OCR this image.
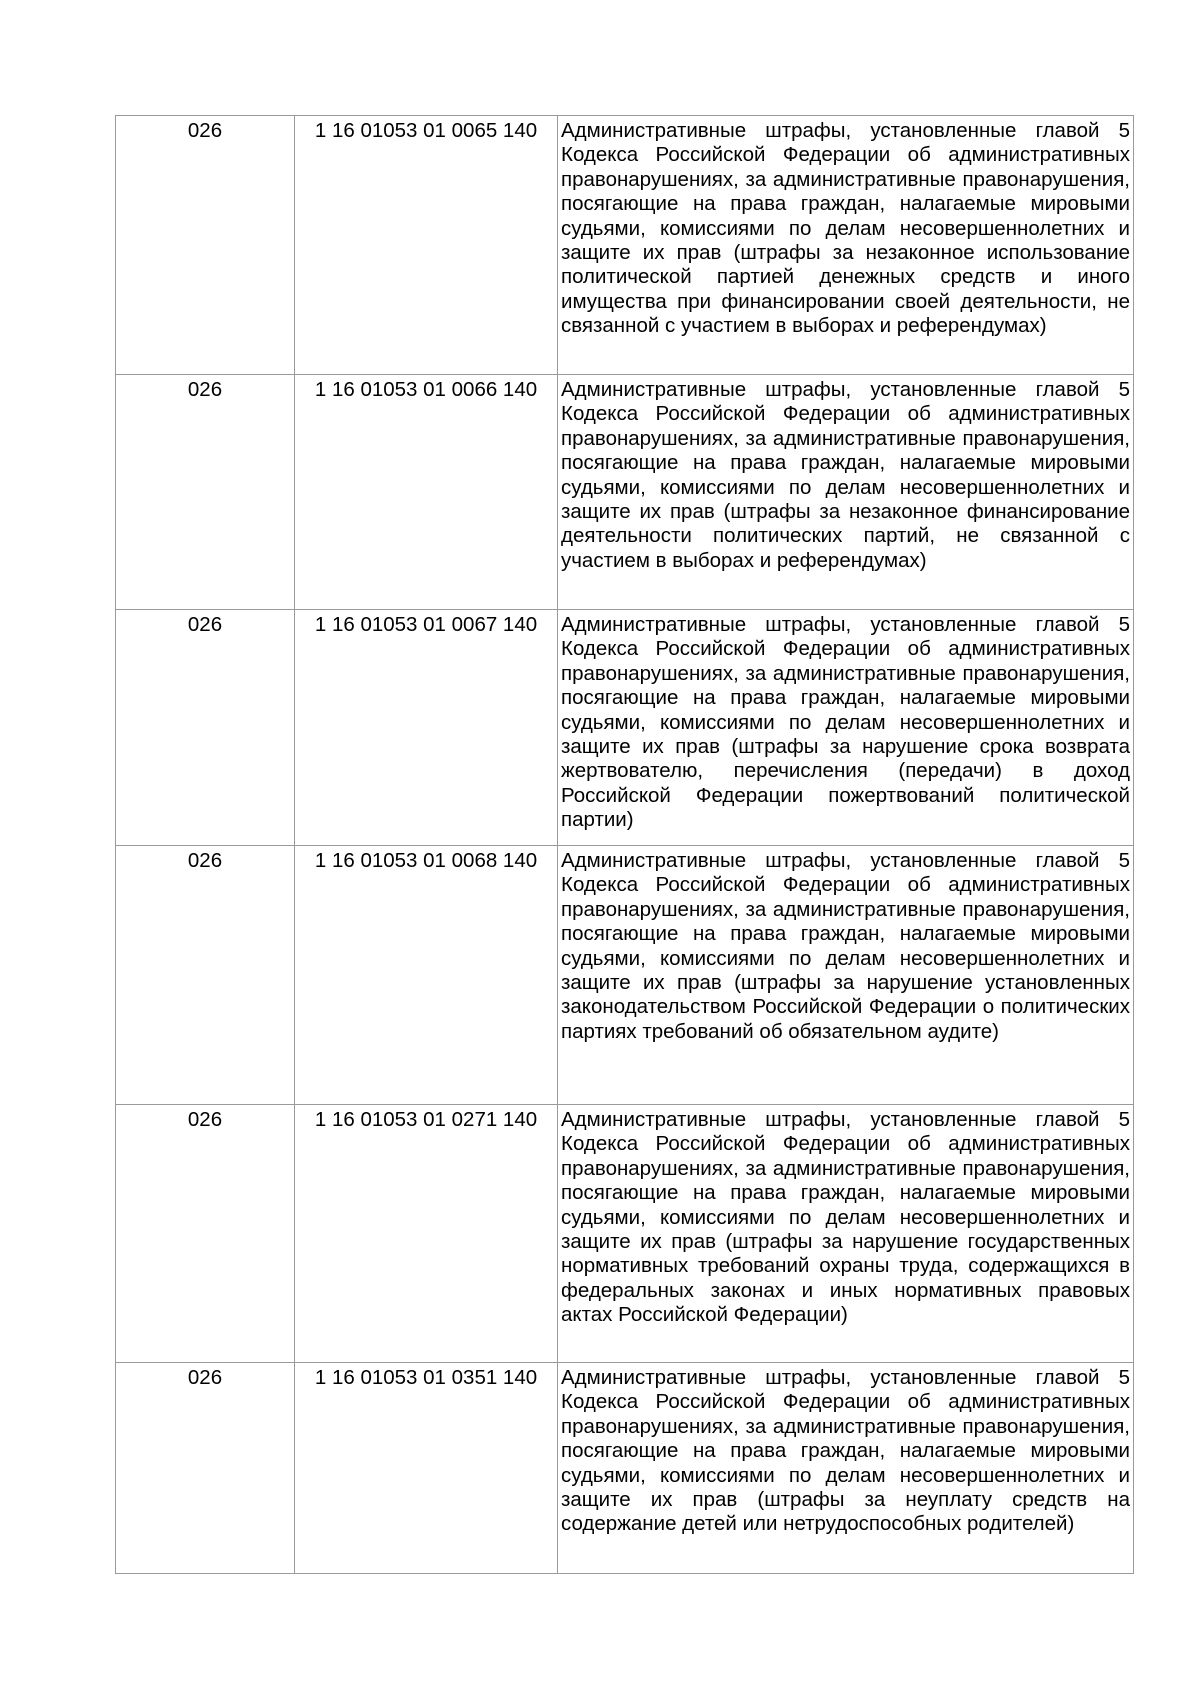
026	1 16 01053 01 0065 140	Административные штрафы, установленные главой 5 Кодекса Российской Федерации об административных правонарушениях, за административные правонарушения, посягающие на права граждан, налагаемые мировыми судьями, комиссиями по делам несовершеннолетних и защите их прав (штрафы за незаконное использование политической партией денежных средств и иного имущества при финансировании своей деятельности, не связанной с участием в выборах и референдумах)

026	1 16 01053 01 0066 140	Административные штрафы, установленные главой 5 Кодекса Российской Федерации об административных правонарушениях, за административные правонарушения, посягающие на права граждан, налагаемые мировыми судьями, комиссиями по делам несовершеннолетних и защите их прав (штрафы за незаконное финансирование деятельности политических партий, не связанной с участием в выборах и референдумах)

026	1 16 01053 01 0067 140	Административные штрафы, установленные главой 5 Кодекса Российской Федерации об административных правонарушениях, за административные правонарушения, посягающие на права граждан, налагаемые мировыми судьями, комиссиями по делам несовершеннолетних и защите их прав (штрафы за нарушение срока возврата жертвователю, перечисления (передачи) в доход Российской Федерации пожертвований политической партии)

026	1 16 01053 01 0068 140	Административные штрафы, установленные главой 5 Кодекса Российской Федерации об административных правонарушениях, за административные правонарушения, посягающие на права граждан, налагаемые мировыми судьями, комиссиями по делам несовершеннолетних и защите их прав (штрафы за нарушение установленных законодательством Российской Федерации о политических партиях требований об обязательном аудите)

026	1 16 01053 01 0271 140	Административные штрафы, установленные главой 5 Кодекса Российской Федерации об административных правонарушениях, за административные правонарушения, посягающие на права граждан, налагаемые мировыми судьями, комиссиями по делам несовершеннолетних и защите их прав (штрафы за нарушение государственных нормативных требований охраны труда, содержащихся в федеральных законах и иных нормативных правовых актах Российской Федерации)

026	1 16 01053 01 0351 140	Административные штрафы, установленные главой 5 Кодекса Российской Федерации об административных правонарушениях, за административные правонарушения, посягающие на права граждан, налагаемые мировыми судьями, комиссиями по делам несовершеннолетних и защите их прав (штрафы за неуплату средств на содержание детей или нетрудоспособных родителей)
